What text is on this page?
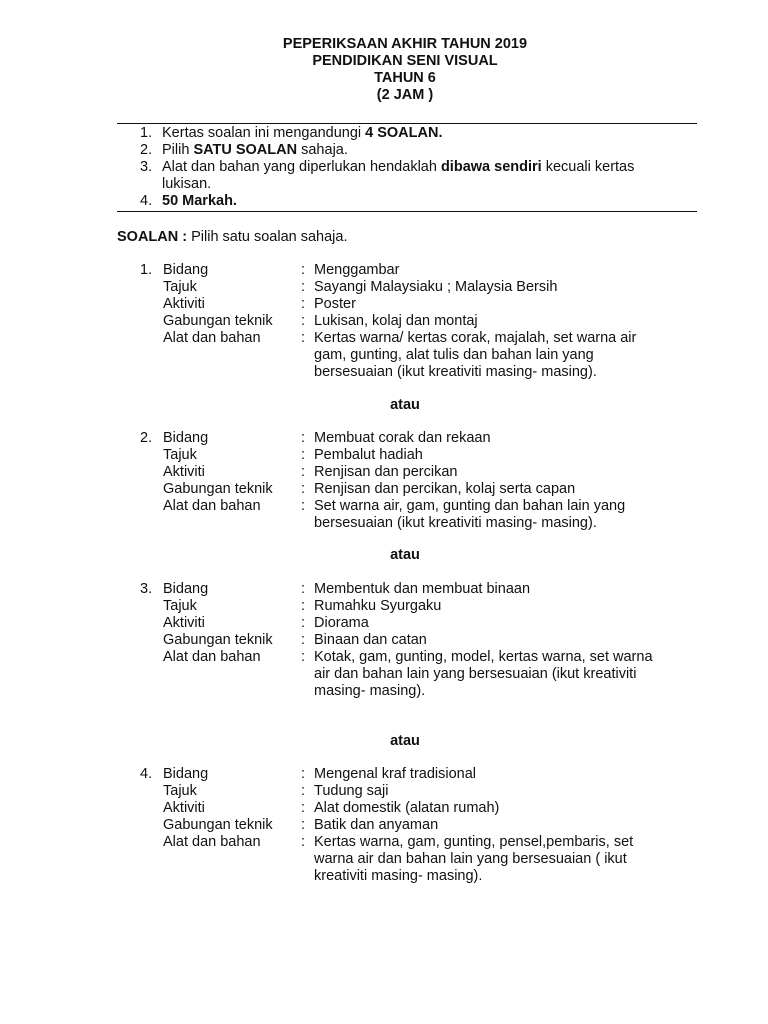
PEPERIKSAAN AKHIR TAHUN 2019
PENDIDIKAN SENI VISUAL
TAHUN 6
(2 JAM )
1. Kertas soalan ini mengandungi 4 SOALAN.
2. Pilih SATU SOALAN sahaja.
3. Alat dan bahan yang diperlukan hendaklah dibawa sendiri kecuali kertas lukisan.
4. 50 Markah.
SOALAN : Pilih satu soalan sahaja.
1. Bidang	: Menggambar
Tajuk	: Sayangi Malaysiaku ; Malaysia Bersih
Aktiviti	: Poster
Gabungan teknik	: Lukisan, kolaj dan montaj
Alat dan bahan	: Kertas warna/ kertas corak, majalah, set warna air
gam, gunting, alat tulis dan bahan lain yang
bersesuaian (ikut kreativiti masing- masing).
atau
2. Bidang	: Membuat corak dan rekaan
Tajuk	: Pembalut hadiah
Aktiviti	: Renjisan dan percikan
Gabungan teknik	: Renjisan dan percikan, kolaj serta capan
Alat dan bahan	: Set warna air, gam, gunting dan bahan lain yang
bersesuaian (ikut kreativiti masing- masing).
atau
3. Bidang	: Membentuk dan membuat binaan
Tajuk	: Rumahku Syurgaku
Aktiviti	: Diorama
Gabungan teknik	: Binaan dan catan
Alat dan bahan	: Kotak, gam, gunting, model, kertas warna, set warna
air dan bahan lain yang bersesuaian (ikut kreativiti
masing- masing).
atau
4. Bidang	: Mengenal kraf tradisional
Tajuk	: Tudung saji
Aktiviti	: Alat domestik (alatan rumah)
Gabungan teknik	: Batik dan anyaman
Alat dan bahan	: Kertas warna, gam, gunting, pensel,pembaris, set
warna air dan bahan lain yang bersesuaian ( ikut
kreativiti masing- masing).
